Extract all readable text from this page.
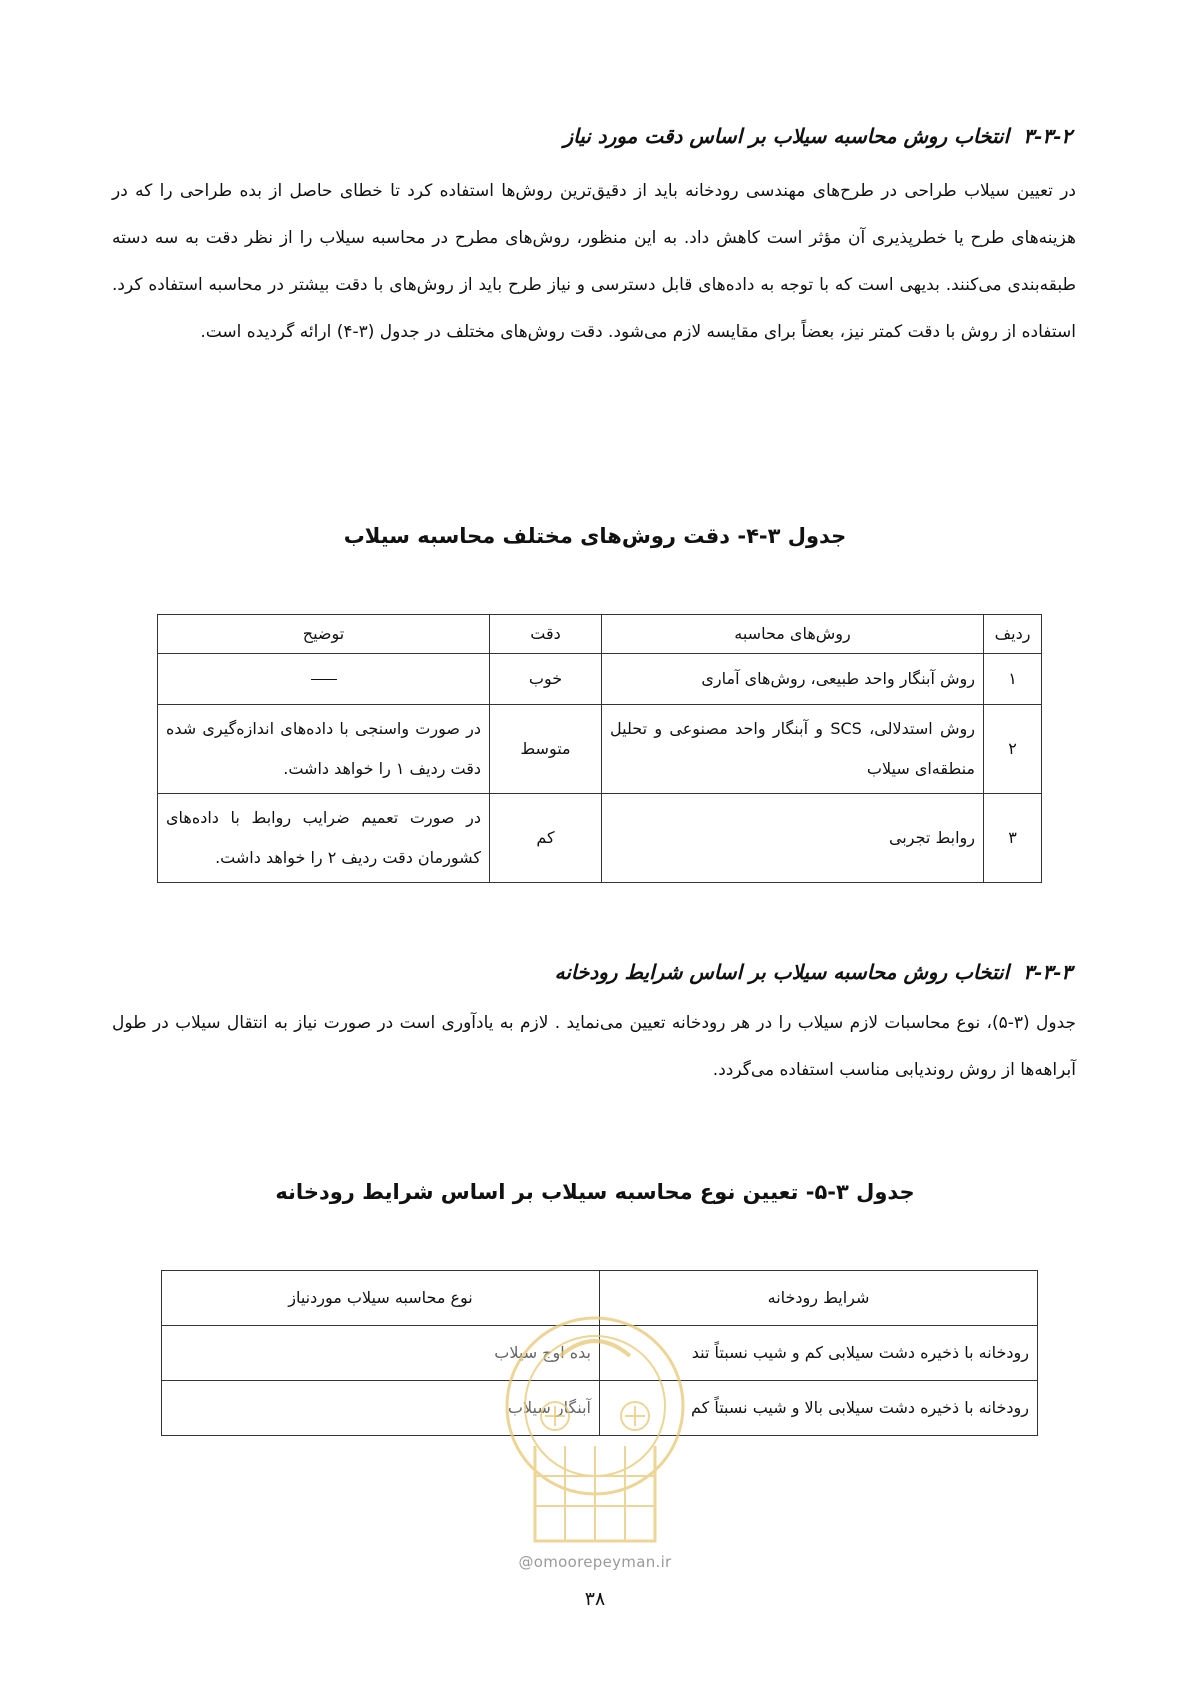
۳-۳-۲انتخاب روش محاسبه سیلاب بر اساس دقت مورد نیاز
در تعیین سیلاب طراحی در طرح‌های مهندسی رودخانه باید از دقیق‌ترین روش‌ها استفاده کرد تا خطای حاصل از بده طراحی را که در هزینه‌های طرح یا خطرپذیری آن مؤثر است کاهش داد. به این منظور، روش‌های مطرح در محاسبه سیلاب را از نظر دقت به سه دسته طبقه‌بندی می‌کنند. بدیهی است که با توجه به داده‌های قابل دسترسی و نیاز طرح باید از روش‌های با دقت بیشتر در محاسبه استفاده کرد. استفاده از روش با دقت کمتر نیز، بعضاً برای مقایسه لازم می‌شود. دقت روش‌های مختلف در جدول (۳-۴) ارائه گردیده است.
جدول ۳-۴- دقت روش‌های مختلف محاسبه سیلاب
ردیف	روش‌های محاسبه	دقت	توضیح
۱	روش آبنگار واحد طبیعی، روش‌های آماری	خوب	
۲	روش استدلالی، SCS و آبنگار واحد مصنوعی و تحلیل منطقه‌ای سیلاب	متوسط	در صورت واسنجی با داده‌های اندازه‌گیری شده دقت ردیف ۱ را خواهد داشت.
۳	روابط تجربی	کم	در صورت تعمیم ضرایب روابط با داده‌های کشورمان دقت ردیف ۲ را خواهد داشت.
۳-۳-۳انتخاب روش محاسبه سیلاب بر اساس شرایط رودخانه
جدول (۳-۵)، نوع محاسبات لازم سیلاب را در هر رودخانه تعیین می‌نماید . لازم به یادآوری است در صورت نیاز به انتقال سیلاب در طول آبراهه‌ها از روش روندیابی مناسب استفاده می‌گردد.
جدول ۳-۵- تعیین نوع محاسبه سیلاب بر اساس شرایط رودخانه
شرایط رودخانه	نوع محاسبه سیلاب موردنیاز
رودخانه با ذخیره دشت سیلابی کم و شیب نسبتاً تند	بده اوج سیلاب
رودخانه با ذخیره دشت سیلابی بالا و شیب نسبتاً کم	آبنگار سیلاب
@omoorepeyman.ir
۳۸
